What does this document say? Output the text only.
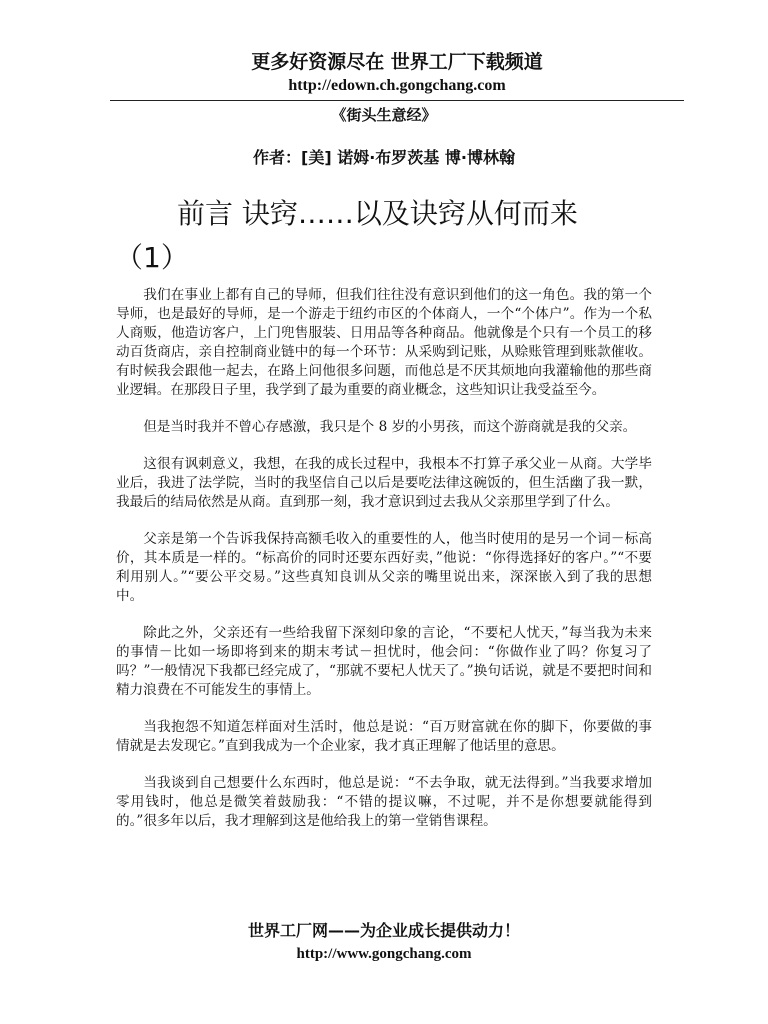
更多好资源尽在 世界工厂下载频道
http://edown.ch.gongchang.com
《街头生意经》
作者：[美] 诺姆·布罗茨基 博·博林翰
前言 诀窍……以及诀窍从何而来
（1）

我们在事业上都有自己的导师，但我们往往没有意识到他们的这一角色。我的第一个导师，也是最好的导师，是一个游走于纽约市区的个体商人，一个“个体户”。作为一个私人商贩，他造访客户，上门兜售服装、日用品等各种商品。他就像是个只有一个员工的移动百货商店，亲自控制商业链中的每一个环节：从采购到记账，从赊账管理到账款催收。有时候我会跟他一起去，在路上问他很多问题，而他总是不厌其烦地向我灌输他的那些商业逻辑。在那段日子里，我学到了最为重要的商业概念，这些知识让我受益至今。

但是当时我并不曾心存感激，我只是个 8 岁的小男孩，而这个游商就是我的父亲。

这很有讽刺意义，我想，在我的成长过程中，我根本不打算子承父业－从商。大学毕业后，我进了法学院，当时的我坚信自己以后是要吃法律这碗饭的，但生活幽了我一默，我最后的结局依然是从商。直到那一刻，我才意识到过去我从父亲那里学到了什么。

父亲是第一个告诉我保持高额毛收入的重要性的人，他当时使用的是另一个词－标高价，其本质是一样的。“标高价的同时还要东西好卖，”他说：“你得选择好的客户。”“不要利用别人。”“要公平交易。”这些真知良训从父亲的嘴里说出来，深深嵌入到了我的思想中。

除此之外，父亲还有一些给我留下深刻印象的言论，“不要杞人忧天，”每当我为未来的事情－比如一场即将到来的期末考试－担忧时，他会问：“你做作业了吗？你复习了吗？”一般情况下我都已经完成了，“那就不要杞人忧天了。”换句话说，就是不要把时间和精力浪费在不可能发生的事情上。

当我抱怨不知道怎样面对生活时，他总是说：“百万财富就在你的脚下，你要做的事情就是去发现它。”直到我成为一个企业家，我才真正理解了他话里的意思。

当我谈到自己想要什么东西时，他总是说：“不去争取，就无法得到。”当我要求增加零用钱时，他总是微笑着鼓励我：“不错的提议嘛，不过呢，并不是你想要就能得到的。”很多年以后，我才理解到这是他给我上的第一堂销售课程。

世界工厂网——为企业成长提供动力！
http://www.gongchang.com
